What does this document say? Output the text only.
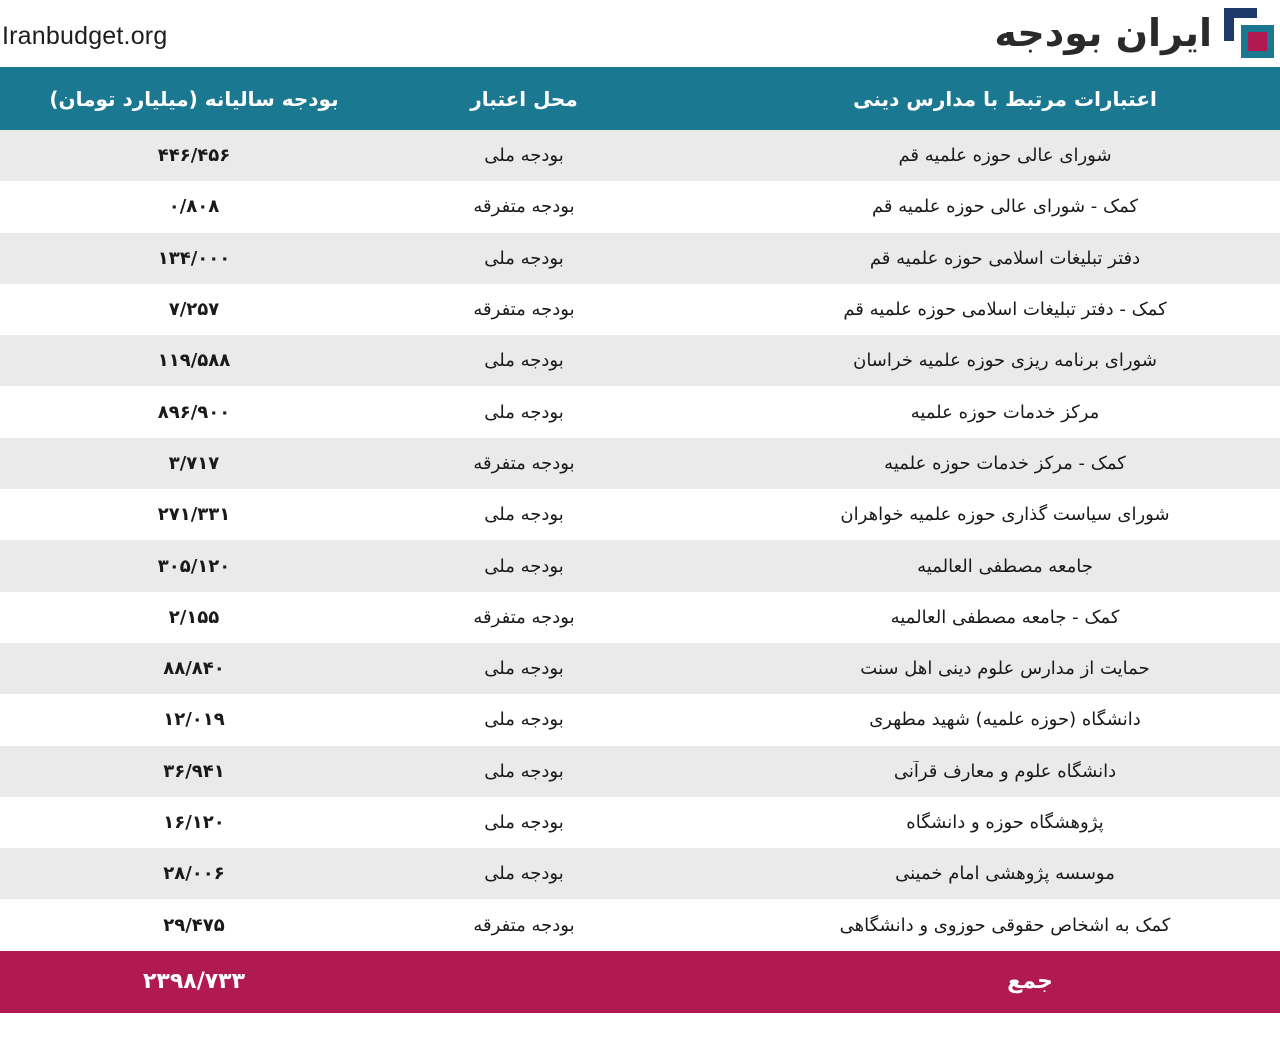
Iranbudget.org	ایران بودجه
اعتبارات مرتبط با مدارس دینی
محل اعتبار
بودجه سالیانه (میلیارد تومان)
شورای عالی حوزه علمیه قم
بودجه ملی
۴۴۶/۴۵۶
کمک - شورای عالی حوزه علمیه قم
بودجه متفرقه
۰/۸۰۸
دفتر تبلیغات اسلامی حوزه علمیه قم
بودجه ملی
۱۳۴/۰۰۰
کمک - دفتر تبلیغات اسلامی حوزه علمیه قم
بودجه متفرقه
۷/۲۵۷
شورای برنامه ریزی حوزه علمیه خراسان
بودجه ملی
۱۱۹/۵۸۸
مرکز خدمات حوزه علمیه
بودجه ملی
۸۹۶/۹۰۰
کمک - مرکز خدمات حوزه علمیه
بودجه متفرقه
۳/۷۱۷
شورای سیاست گذاری حوزه علمیه خواهران
بودجه ملی
۲۷۱/۳۳۱
جامعه مصطفی العالمیه
بودجه ملی
۳۰۵/۱۲۰
کمک - جامعه مصطفی العالمیه
بودجه متفرقه
۲/۱۵۵
حمایت از مدارس علوم دینی اهل سنت
بودجه ملی
۸۸/۸۴۰
دانشگاه (حوزه علمیه) شهید مطهری
بودجه ملی
۱۲/۰۱۹
دانشگاه علوم و معارف قرآنی
بودجه ملی
۳۶/۹۴۱
پژوهشگاه حوزه و دانشگاه
بودجه ملی
۱۶/۱۲۰
موسسه پژوهشی امام خمینی
بودجه ملی
۲۸/۰۰۶
کمک به اشخاص حقوقی حوزوی و دانشگاهی
بودجه متفرقه
۲۹/۴۷۵
جمع
۲۳۹۸/۷۳۳
